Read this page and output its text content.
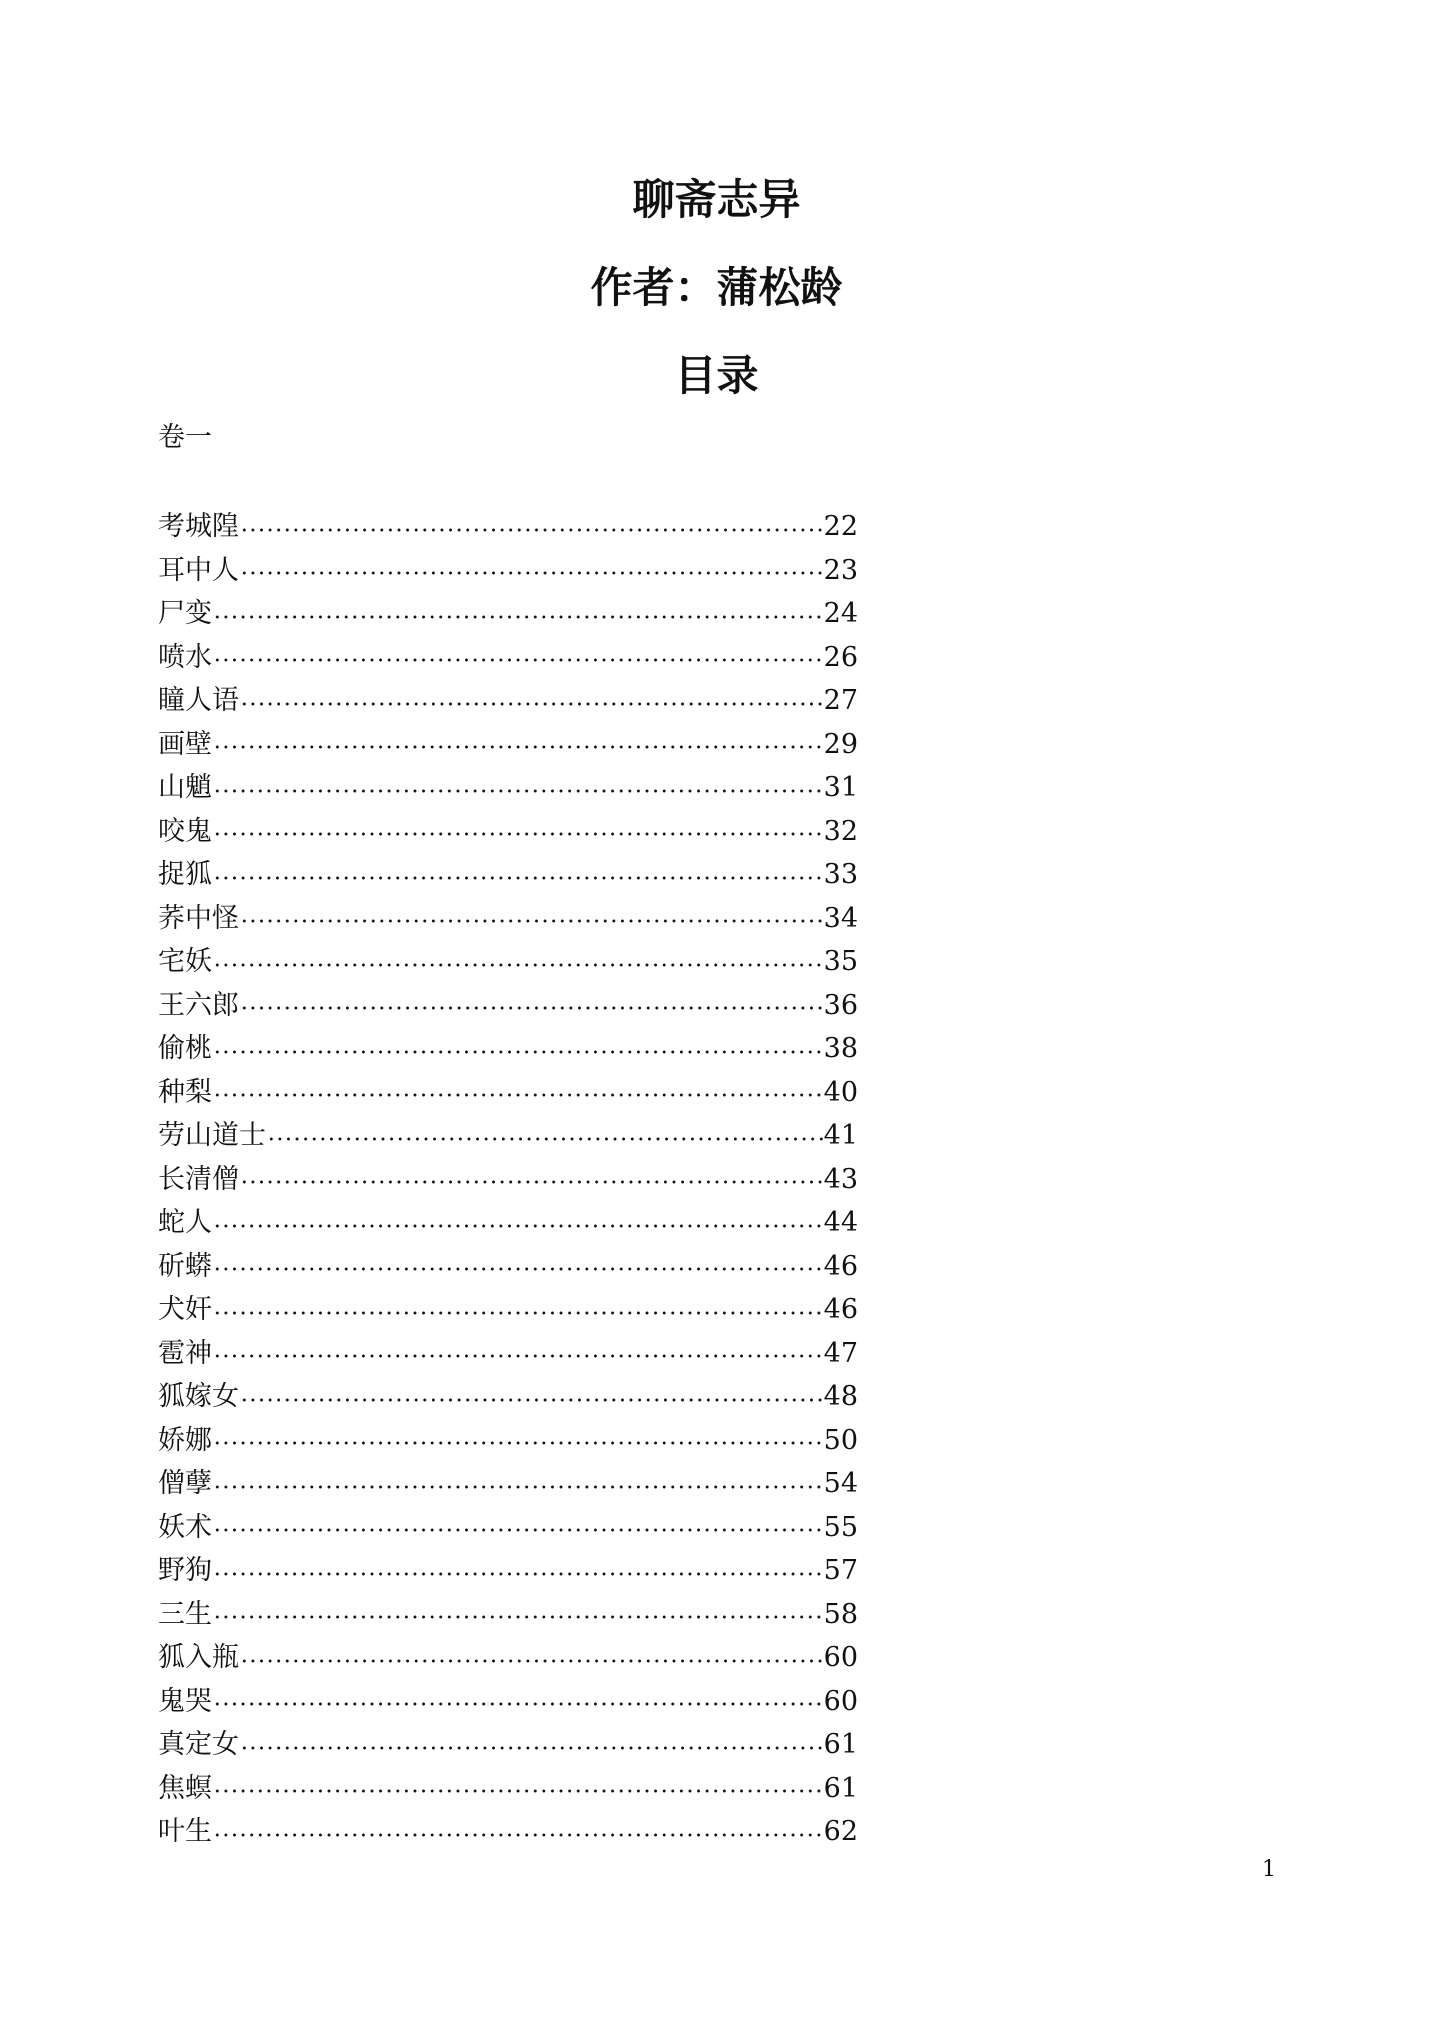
聊斋志异
作者：蒲松龄
目录
卷一
考城隍	22
耳中人	23
尸变	24
喷水	26
瞳人语	27
画壁	29
山魈	31
咬鬼	32
捉狐	33
荞中怪	34
宅妖	35
王六郎	36
偷桃	38
种梨	40
劳山道士	41
长清僧	43
蛇人	44
斫蟒	46
犬奸	46
雹神	47
狐嫁女	48
娇娜	50
僧孽	54
妖术	55
野狗	57
三生	58
狐入瓶	60
鬼哭	60
真定女	61
焦螟	61
叶生	62
1
